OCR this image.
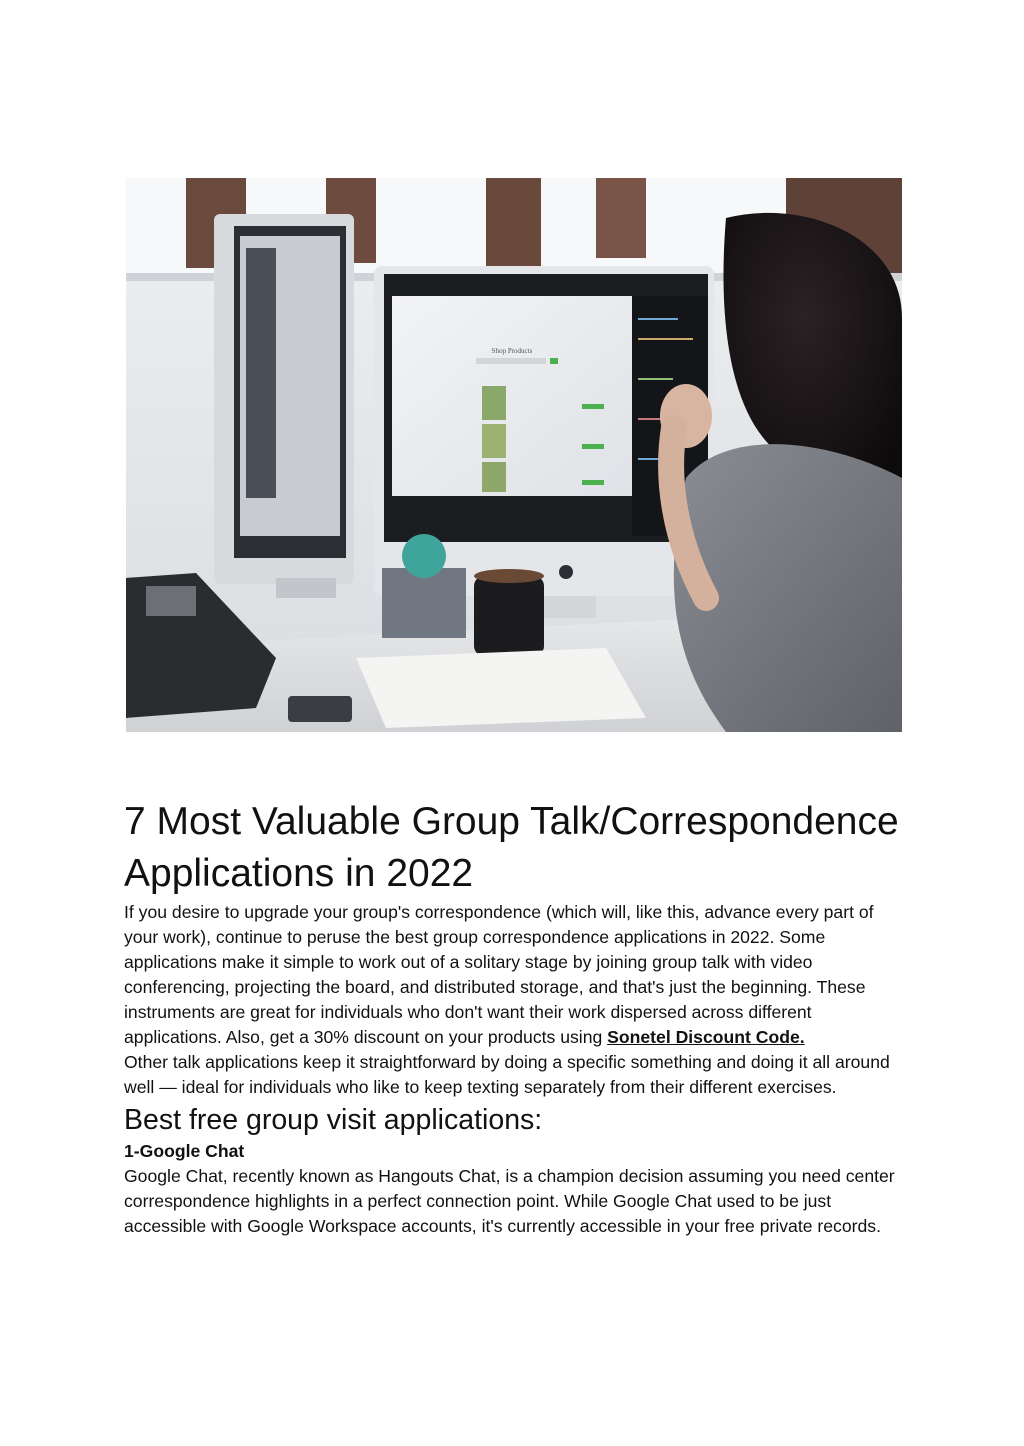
Shop Products
7 Most Valuable Group Talk/Correspondence Applications in 2022

If you desire to upgrade your group's correspondence (which will, like this, advance every part of your work), continue to peruse the best group correspondence applications in 2022. Some applications make it simple to work out of a solitary stage by joining group talk with video conferencing, projecting the board, and distributed storage, and that's just the beginning. These instruments are great for individuals who don't want their work dispersed across different applications. Also, get a 30% discount on your products using Sonetel Discount Code.

Other talk applications keep it straightforward by doing a specific something and doing it all around well — ideal for individuals who like to keep texting separately from their different exercises.

Best free group visit applications:
1-Google Chat

Google Chat, recently known as Hangouts Chat, is a champion decision assuming you need center correspondence highlights in a perfect connection point. While Google Chat used to be just accessible with Google Workspace accounts, it's currently accessible in your free private records.
